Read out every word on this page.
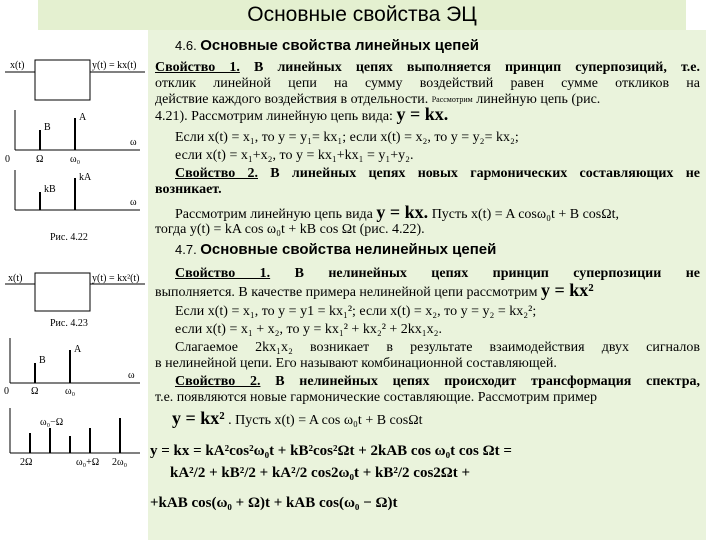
Основные свойства ЭЦ
x(t)	y(t) = kx(t)
0	Ω	ω₀
ω
B
A
kB
kA
ω
Рис. 4.22
x(t)	y(t) = kx²(t)
Рис. 4.23
0 Ω	ω₀
ω
B
A
2Ω
ω₀−Ω
ω₀+Ω 2ω₀
4.6. Основные свойства линейных цепей
Свойство 1. В линейных цепях выполняется принцип суперпозиций, т.е.
отклик линейной цепи на сумму воздействий равен сумме откликов на
действие каждого воздействия в отдельности. $^{Рассмотрим}$ линейную цепь (рис.
4.21). Рассмотрим линейную цепь вида: y = kx.
Если x(t) = x₁, то y = y₁= kx₁; если x(t) = x₂, то y = y₂= kx₂;
если x(t) = x₁+x₂, то y = kx₁+kx₁ = y₁+y₂.
Свойство 2. В линейных цепях новых гармонических составляющих не
возникает.
Рассмотрим линейную цепь вида y = kx. Пусть x(t) = A cosω₀t + B cosΩt,
тогда y(t) = kA cos ω₀t + kB cos Ωt (рис. 4.22).
4.7. Основные свойства нелинейных цепей
Свойство 1. В нелинейных цепях принцип суперпозиции не
выполняется. В качестве примера нелинейной цепи рассмотрим y = kx²
Если x(t) = x₁, то y = y1 = kx₁²; если x(t) = x₂, то y = y₂ = kx₂²;
если x(t) = x₁ + x₂, то y = kx₁² + kx₂² + 2kx₁x₂.
Слагаемое 2kx₁x₂ возникает в результате взаимодействия двух сигналов
в нелинейной цепи. Его называют комбинационной составляющей.
Свойство 2. В нелинейных цепях происходит трансформация спектра,
т.е. появляются новые гармонические составляющие. Рассмотрим пример
y = kx² . Пусть x(t) = A cos ω₀t + B cosΩt
y = kx = kA²cos²ω₀t + kB²cos²Ωt + 2kAB cos ω₀t cos Ωt =
kA²/2 + kB²/2 + kA²/2 cos2ω₀t + kB²/2 cos2Ωt +
+kAB cos(ω₀ + Ω)t + kAB cos(ω₀ − Ω)t
